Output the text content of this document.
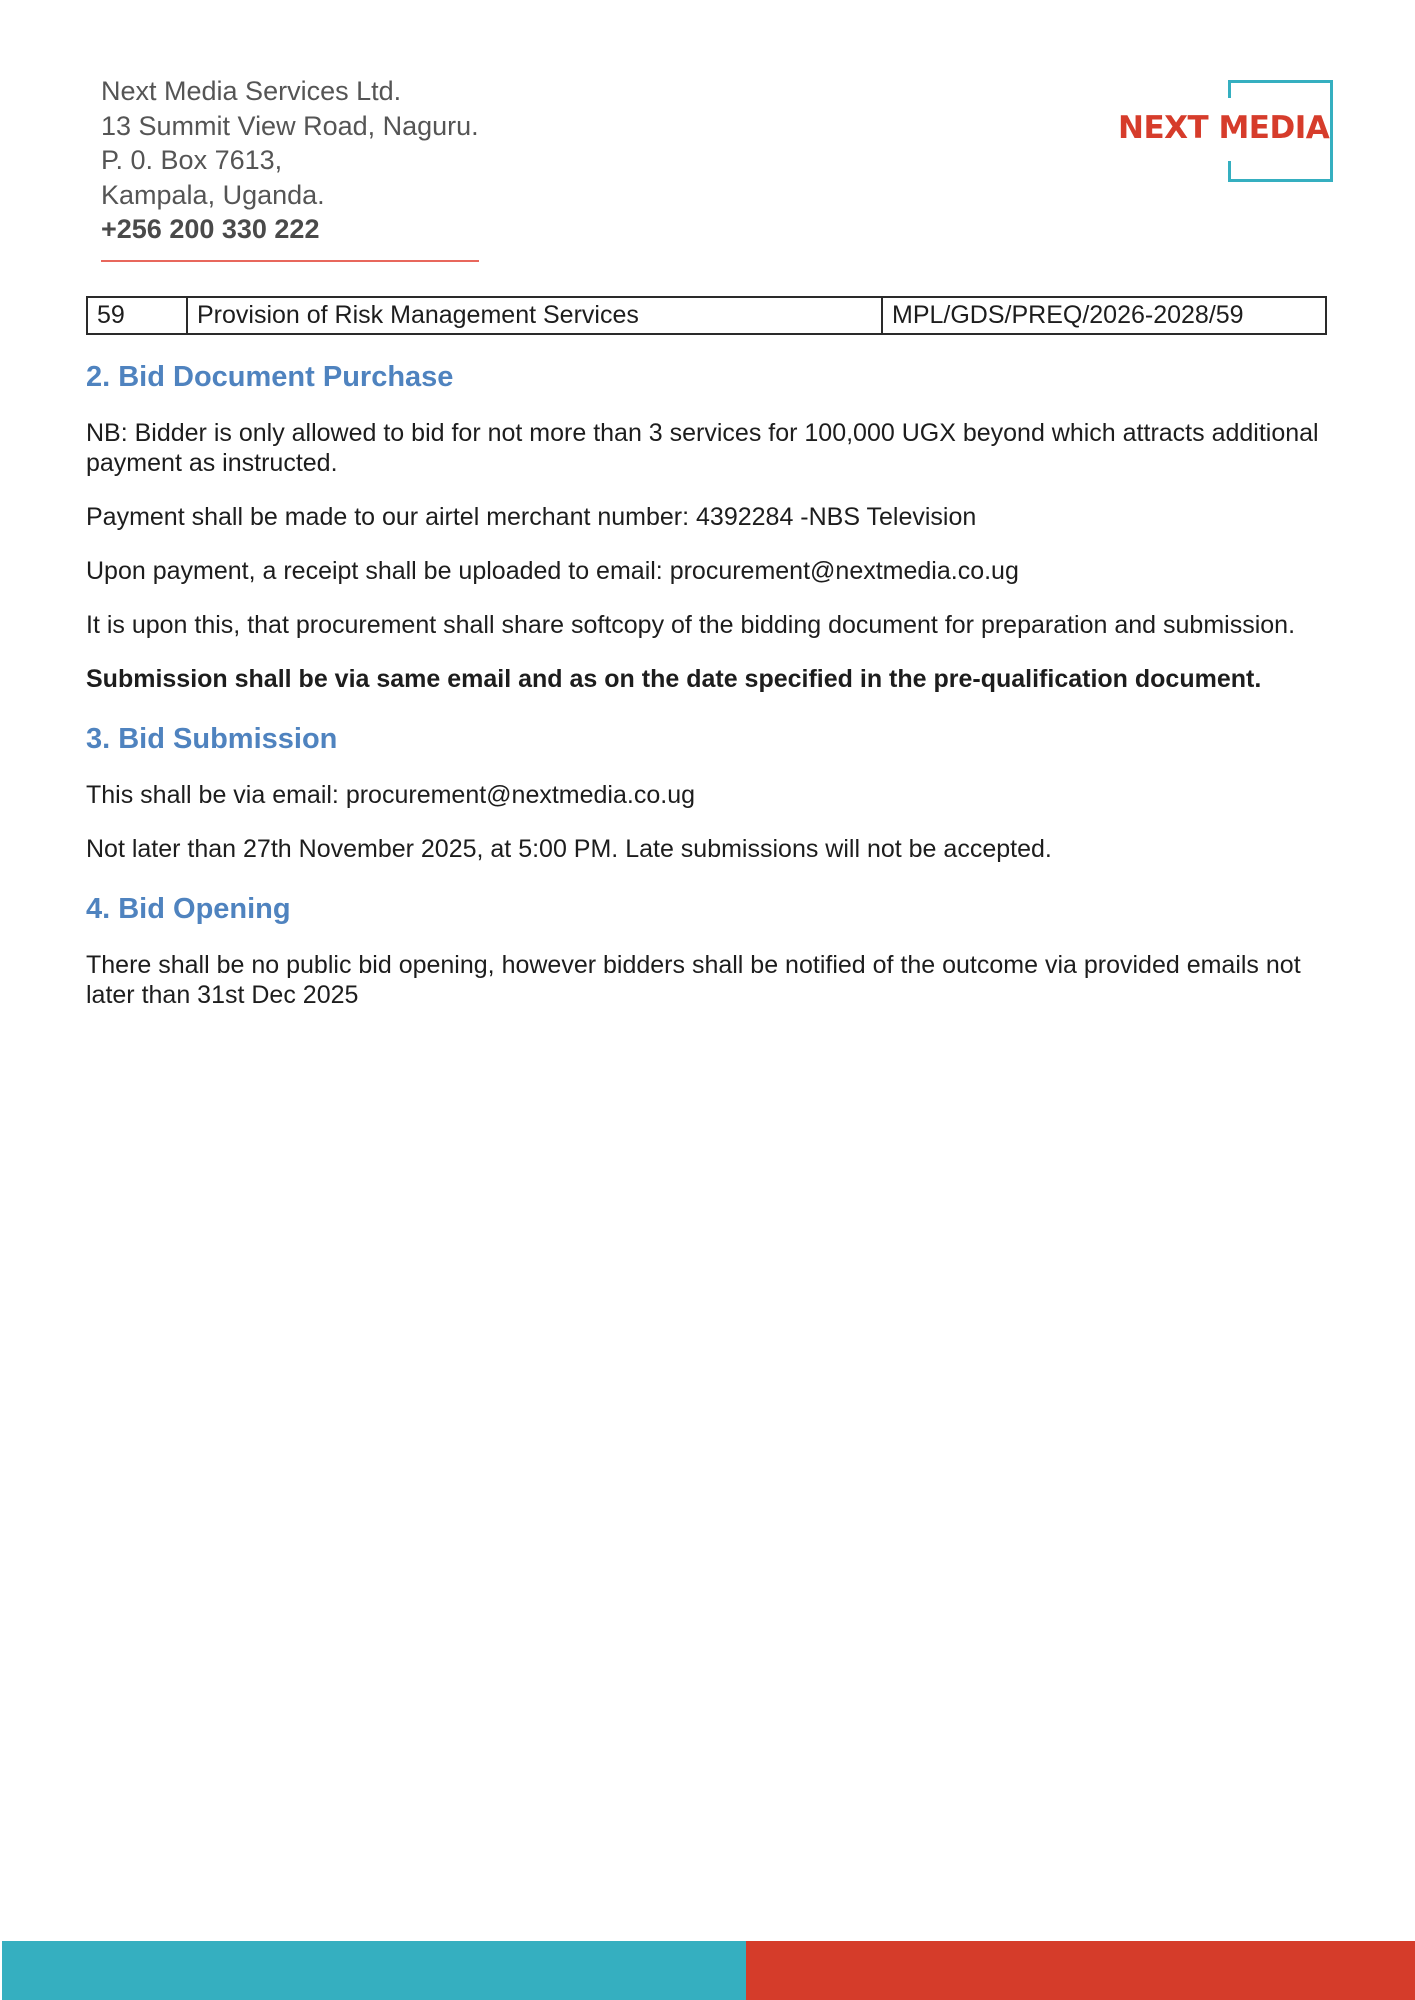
Next Media Services Ltd.
13 Summit View Road, Naguru.
P. 0. Box 7613,
Kampala, Uganda.
+256 200 330 222
NEXT MEDIA
59	Provision of Risk Management Services	MPL/GDS/PREQ/2026-2028/59
2. Bid Document Purchase

NB: Bidder is only allowed to bid for not more than 3 services for 100,000 UGX beyond which attracts additional payment as instructed.

Payment shall be made to our airtel merchant number: 4392284 -NBS Television

Upon payment, a receipt shall be uploaded to email: procurement@nextmedia.co.ug

It is upon this, that procurement shall share softcopy of the bidding document for preparation and submission.

Submission shall be via same email and as on the date specified in the pre-qualification document.

3. Bid Submission

This shall be via email: procurement@nextmedia.co.ug

Not later than 27th November 2025, at 5:00 PM. Late submissions will not be accepted.

4. Bid Opening

There shall be no public bid opening, however bidders shall be notified of the outcome via provided emails not later than 31st Dec 2025
